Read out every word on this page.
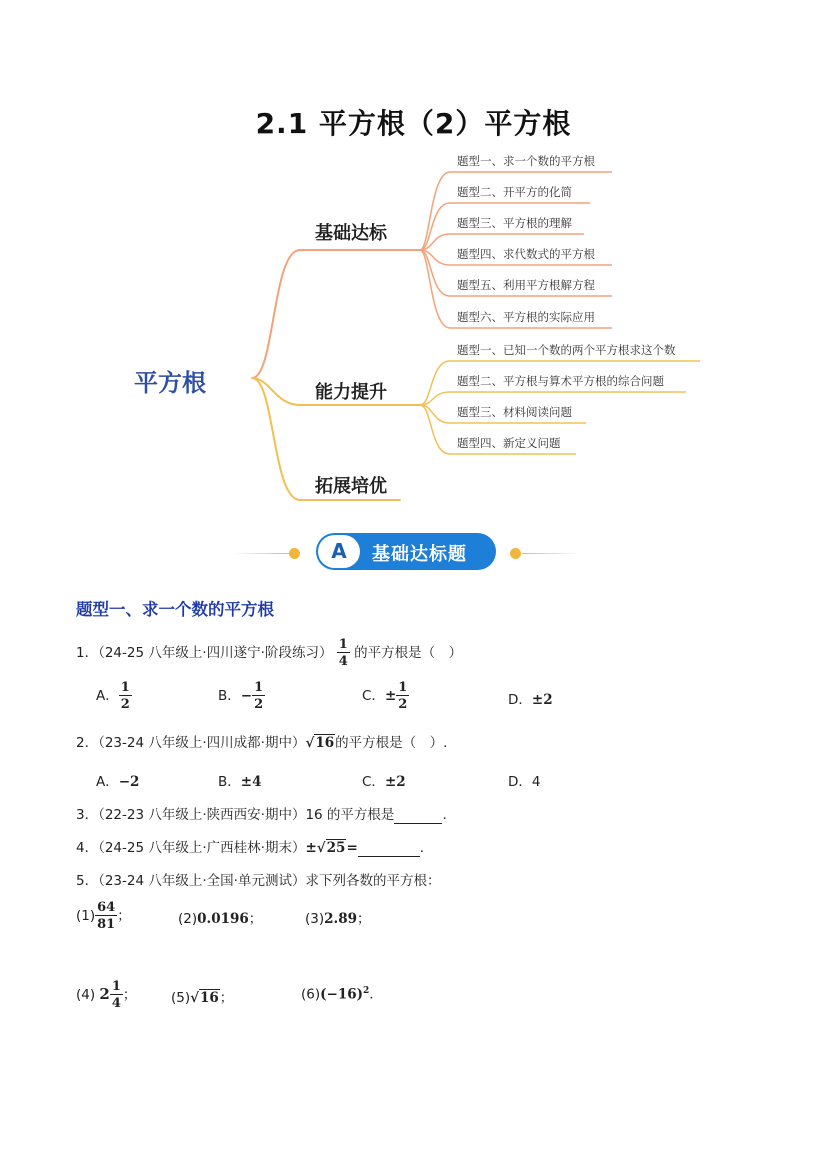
2.1 平方根（2）平方根
平方根
基础达标
能力提升
拓展培优
题型一、求一个数的平方根
题型二、开平方的化简
题型三、平方根的理解
题型四、求代数式的平方根
题型五、利用平方根解方程
题型六、平方根的实际应用
题型一、已知一个数的两个平方根求这个数
题型二、平方根与算术平方根的综合问题
题型三、材料阅读问题
题型四、新定义问题
A	基础达标题
题型一、求一个数的平方根
1．（24-25 八年级上·四川遂宁·阶段练习） $\frac{1}{4}$ 的平方根是（　）
A． $\frac{1}{2}$	B．− $\frac{1}{2}$	C．± $\frac{1}{2}$	D．±2
2．（23-24 八年级上·四川成都·期中）√16的平方根是（　）.
A．−2	B．±4	C．±2	D．4
3．（22-23 八年级上·陕西西安·期中）16 的平方根是	.
4．（24-25 八年级上·广西桂林·期末）±√25=	.
5．（23-24 八年级上·全国·单元测试）求下列各数的平方根：
$(1) \frac{64}{81}$ ；	(2)0.0196；	(3)2.89；
(4) $2 \frac{1}{4}$ ；	(5)√16；	$(6)(-16)^2$.
